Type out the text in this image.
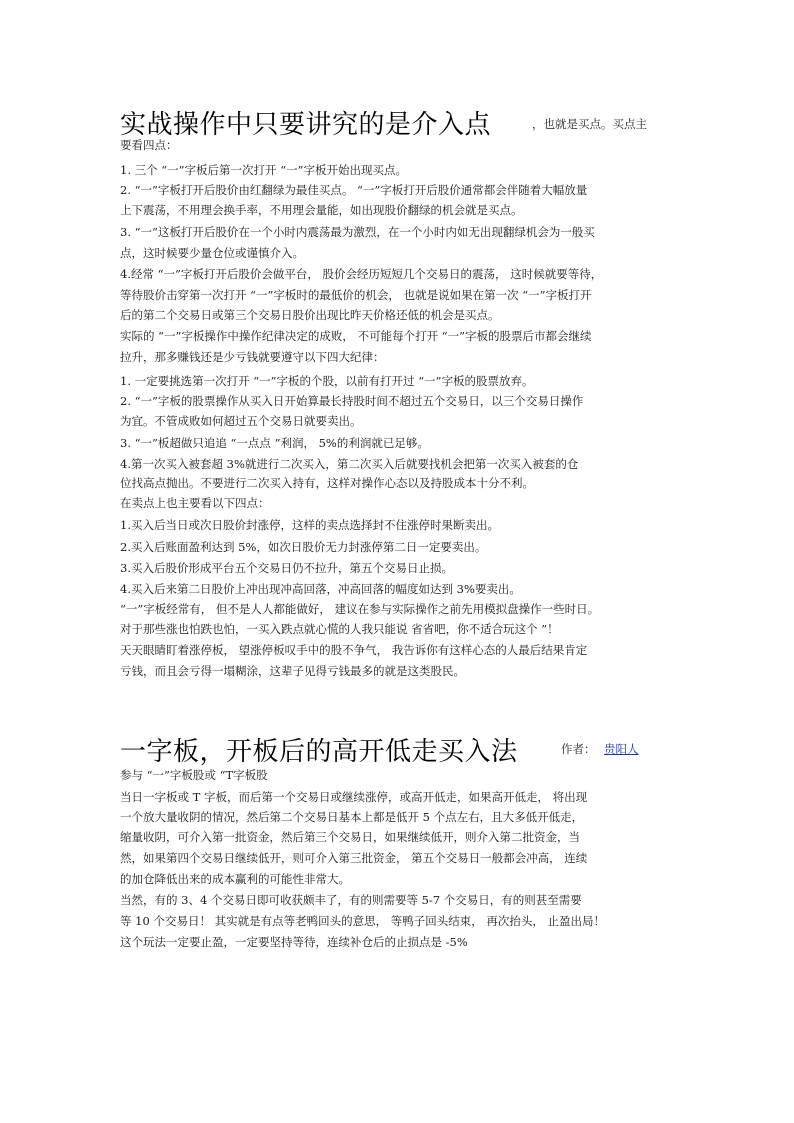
实战操作中只要讲究的是介入点	，也就是买点。买点主
要看四点：
1. 三个 “一”字板后第一次打开 “一”字板开始出现买点。
2. “一”字板打开后股价由红翻绿为最佳买点。 “一”字板打开后股价通常都会伴随着大幅放量
上下震荡，不用理会换手率，不用理会量能，如出现股价翻绿的机会就是买点。
3. “一”这板打开后股价在一个小时内震荡最为激烈，在一个小时内如无出现翻绿机会为一般买
点，这时候要少量仓位或谨慎介入。
4.经常 “一”字板打开后股价会做平台， 股价会经历短短几个交易日的震荡， 这时候就要等待，
等待股价击穿第一次打开 “一”字板时的最低价的机会， 也就是说如果在第一次 “一”字板打开
后的第二个交易日或第三个交易日股价出现比昨天价格还低的机会是买点。
实际的 “一”字板操作中操作纪律决定的成败， 不可能每个打开 “一”字板的股票后市都会继续
拉升，那多赚钱还是少亏钱就要遵守以下四大纪律：
1. 一定要挑选第一次打开 “一”字板的个股，以前有打开过 “一”字板的股票放弃。
2. “一”字板的股票操作从买入日开始算最长持股时间不超过五个交易日，以三个交易日操作
为宜。不管成败如何超过五个交易日就要卖出。
3. “一”板超做只追追 “一点点 ”利润， 5%的利润就已足够。
4.第一次买入被套超 3%就进行二次买入，第二次买入后就要找机会把第一次买入被套的仓
位找高点抛出。不要进行二次买入持有，这样对操作心态以及持股成本十分不利。
在卖点上也主要看以下四点：
1.买入后当日或次日股价封涨停，这样的卖点选择封不住涨停时果断卖出。
2.买入后账面盈利达到 5%，如次日股价无力封涨停第二日一定要卖出。
3.买入后股价形成平台五个交易日仍不拉升，第五个交易日止损。
4.买入后来第二日股价上冲出现冲高回落，冲高回落的幅度如达到 3%要卖出。
“一”字板经常有， 但不是人人都能做好， 建议在参与实际操作之前先用模拟盘操作一些时日。
对于那些涨也怕跌也怕，一买入跌点就心慌的人我只能说 省省吧，你不适合玩这个 ”！
天天眼睛盯着涨停板， 望涨停板叹手中的股不争气， 我告诉你有这样心态的人最后结果肯定
亏钱，而且会亏得一塌糊涂，这辈子见得亏钱最多的就是这类股民。
一字板，开板后的高开低走买入法	作者： 贵阳人
参与 “一”字板股或 “T字板股
当日一字板或 T 字板，而后第一个交易日或继续涨停，或高开低走，如果高开低走， 将出现
一个放大量收阴的情况，然后第二个交易日基本上都是低开 5 个点左右，且大多低开低走，
缩量收阴，可介入第一批资金，然后第三个交易日，如果继续低开，则介入第二批资金，当
然，如果第四个交易日继续低开，则可介入第三批资金， 第五个交易日一般都会冲高， 连续
的加仓降低出来的成本赢利的可能性非常大。
当然，有的 3、4 个交易日即可收获颇丰了，有的则需要等 5-7 个交易日，有的则甚至需要
等 10 个交易日！ 其实就是有点等老鸭回头的意思， 等鸭子回头结束， 再次抬头， 止盈出局！
这个玩法一定要止盈，一定要坚持等待，连续补仓后的止损点是 -5%
